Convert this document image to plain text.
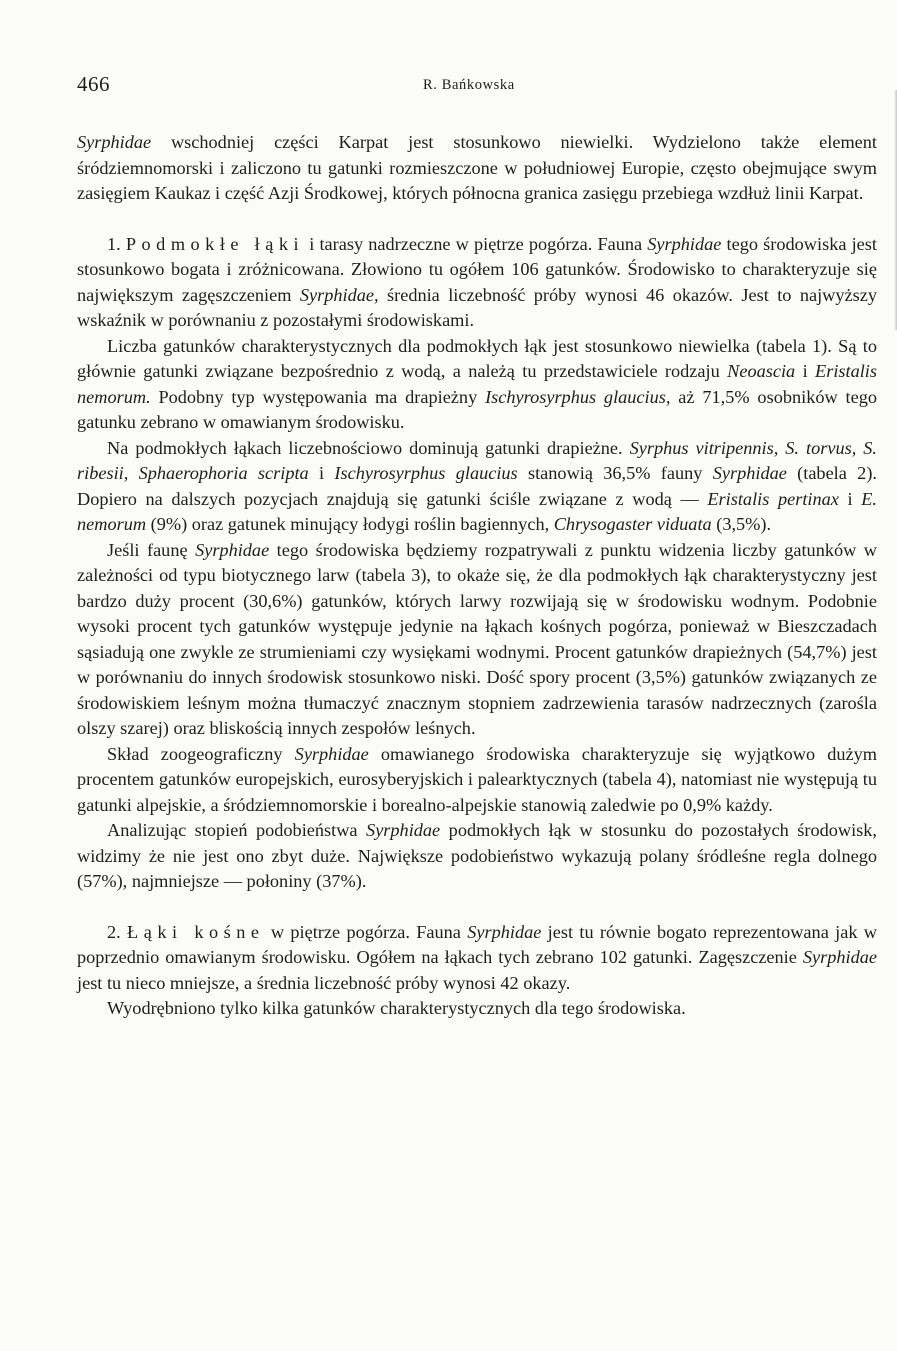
466	R. Bańkowska

Syrphidae wschodniej części Karpat jest stosunkowo niewielki. Wydzielono także element śródziemnomorski i zaliczono tu gatunki rozmieszczone w południowej Europie, często obejmujące swym zasięgiem Kaukaz i część Azji Środkowej, których północna granica zasięgu przebiega wzdłuż linii Karpat.

1. Podmokłe łąki i tarasy nadrzeczne w piętrze pogórza. Fauna Syrphidae tego środowiska jest stosunkowo bogata i zróżnicowana. Złowiono tu ogółem 106 gatunków. Środowisko to charakteryzuje się największym zagęszczeniem Syrphidae, średnia liczebność próby wynosi 46 okazów. Jest to najwyższy wskaźnik w porównaniu z pozostałymi środowiskami.

Liczba gatunków charakterystycznych dla podmokłych łąk jest stosunkowo niewielka (tabela 1). Są to głównie gatunki związane bezpośrednio z wodą, a należą tu przedstawiciele rodzaju Neoascia i Eristalis nemorum. Podobny typ występowania ma drapieżny Ischyrosyrphus glaucius, aż 71,5% osobników tego gatunku zebrano w omawianym środowisku.

Na podmokłych łąkach liczebnościowo dominują gatunki drapieżne. Syrphus vitripennis, S. torvus, S. ribesii, Sphaerophoria scripta i Ischyrosyrphus glaucius stanowią 36,5% fauny Syrphidae (tabela 2). Dopiero na dalszych pozycjach znajdują się gatunki ściśle związane z wodą — Eristalis pertinax i E. nemorum (9%) oraz gatunek minujący łodygi roślin bagiennych, Chrysogaster viduata (3,5%).

Jeśli faunę Syrphidae tego środowiska będziemy rozpatrywali z punktu widzenia liczby gatunków w zależności od typu biotycznego larw (tabela 3), to okaże się, że dla podmokłych łąk charakterystyczny jest bardzo duży procent (30,6%) gatunków, których larwy rozwijają się w środowisku wodnym. Podobnie wysoki procent tych gatunków występuje jedynie na łąkach kośnych pogórza, ponieważ w Bieszczadach sąsiadują one zwykle ze strumieniami czy wysiękami wodnymi. Procent gatunków drapieżnych (54,7%) jest w porównaniu do innych środowisk stosunkowo niski. Dość spory procent (3,5%) gatunków związanych ze środowiskiem leśnym można tłumaczyć znacznym stopniem zadrzewienia tarasów nadrzecznych (zarośla olszy szarej) oraz bliskością innych zespołów leśnych.

Skład zoogeograficzny Syrphidae omawianego środowiska charakteryzuje się wyjątkowo dużym procentem gatunków europejskich, eurosyberyjskich i palearktycznych (tabela 4), natomiast nie występują tu gatunki alpejskie, a śródziemnomorskie i borealno-alpejskie stanowią zaledwie po 0,9% każdy.

Analizując stopień podobieństwa Syrphidae podmokłych łąk w stosunku do pozostałych środowisk, widzimy że nie jest ono zbyt duże. Największe podobieństwo wykazują polany śródleśne regla dolnego (57%), najmniejsze — połoniny (37%).

2. Łąki kośne w piętrze pogórza. Fauna Syrphidae jest tu równie bogato reprezentowana jak w poprzednio omawianym środowisku. Ogółem na łąkach tych zebrano 102 gatunki. Zagęszczenie Syrphidae jest tu nieco mniejsze, a średnia liczebność próby wynosi 42 okazy.

Wyodrębniono tylko kilka gatunków charakterystycznych dla tego środowiska.
